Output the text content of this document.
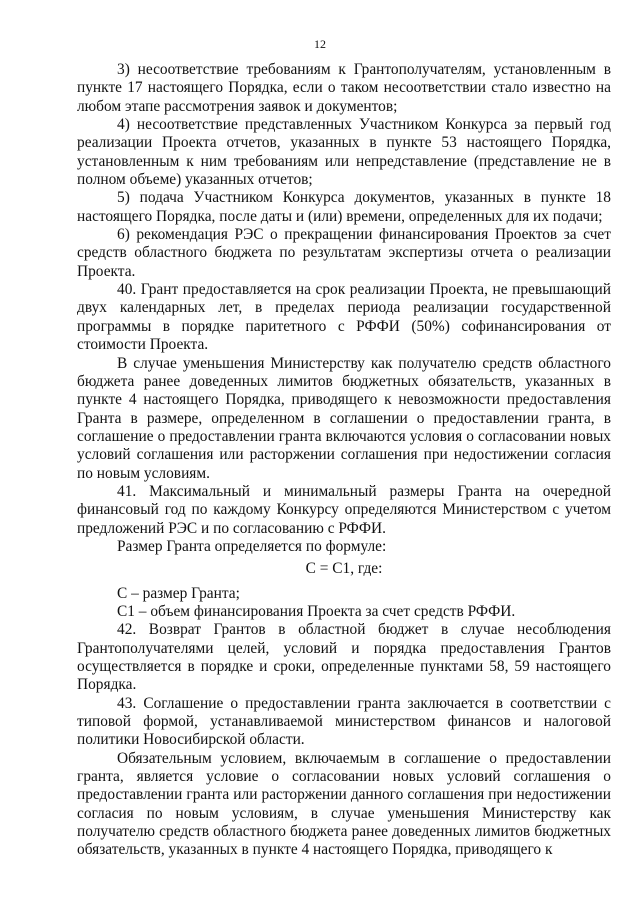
12

3) несоответствие требованиям к Грантополучателям, установленным в пункте 17 настоящего Порядка, если о таком несоответствии стало известно на любом этапе рассмотрения заявок и документов;

4) несоответствие представленных Участником Конкурса за первый год реализации Проекта отчетов, указанных в пункте 53 настоящего Порядка, установленным к ним требованиям или непредставление (представление не в полном объеме) указанных отчетов;

5) подача Участником Конкурса документов, указанных в пункте 18 настоящего Порядка, после даты и (или) времени, определенных для их подачи;

6) рекомендация РЭС о прекращении финансирования Проектов за счет средств областного бюджета по результатам экспертизы отчета о реализации Проекта.

40. Грант предоставляется на срок реализации Проекта, не превышающий двух календарных лет, в пределах периода реализации государственной программы в порядке паритетного с РФФИ (50%) софинансирования от стоимости Проекта.

В случае уменьшения Министерству как получателю средств областного бюджета ранее доведенных лимитов бюджетных обязательств, указанных в пункте 4 настоящего Порядка, приводящего к невозможности предоставления Гранта в размере, определенном в соглашении о предоставлении гранта, в соглашение о предоставлении гранта включаются условия о согласовании новых условий соглашения или расторжении соглашения при недостижении согласия по новым условиям.

41. Максимальный и минимальный размеры Гранта на очередной финансовый год по каждому Конкурсу определяются Министерством с учетом предложений РЭС и по согласованию с РФФИ.

Размер Гранта определяется по формуле:

C = C1, где:

C – размер Гранта;

C1 – объем финансирования Проекта за счет средств РФФИ.

42. Возврат Грантов в областной бюджет в случае несоблюдения Грантополучателями целей, условий и порядка предоставления Грантов осуществляется в порядке и сроки, определенные пунктами 58, 59 настоящего Порядка.

43. Соглашение о предоставлении гранта заключается в соответствии с типовой формой, устанавливаемой министерством финансов и налоговой политики Новосибирской области.

Обязательным условием, включаемым в соглашение о предоставлении гранта, является условие о согласовании новых условий соглашения о предоставлении гранта или расторжении данного соглашения при недостижении согласия по новым условиям, в случае уменьшения Министерству как получателю средств областного бюджета ранее доведенных лимитов бюджетных обязательств, указанных в пункте 4 настоящего Порядка, приводящего к
